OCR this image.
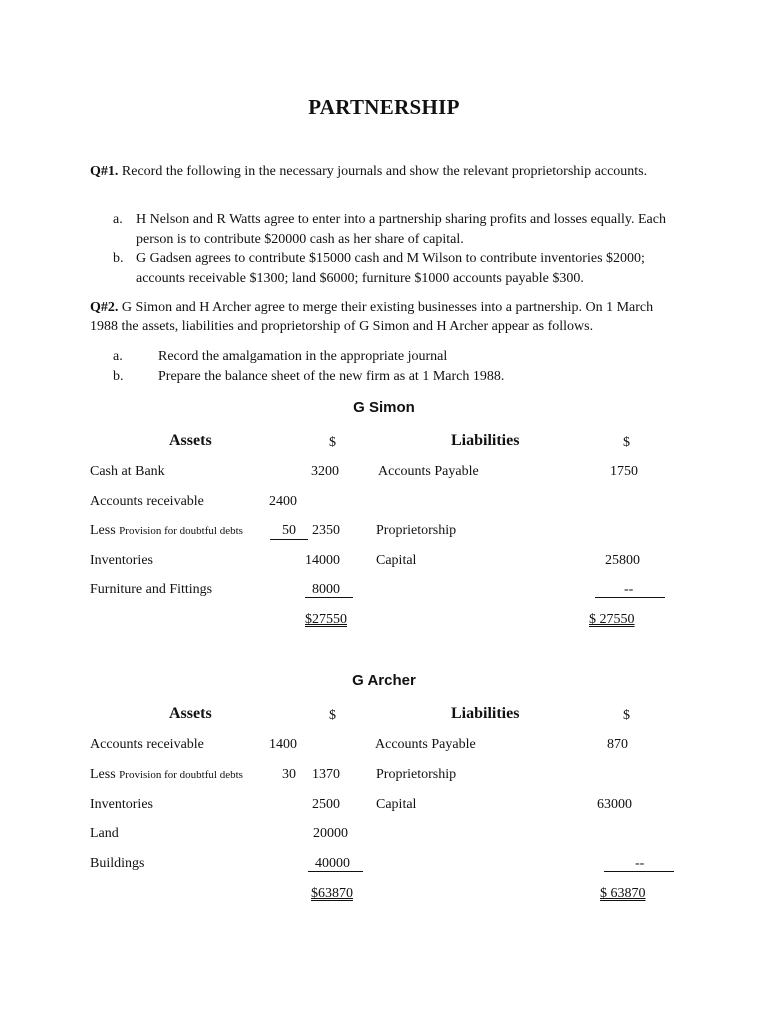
PARTNERSHIP

Q#1. Record the following in the necessary journals and show the relevant proprietorship accounts.

a. H Nelson and R Watts agree to enter into a partnership sharing profits and losses equally. Each person is to contribute $20000 cash as her share of capital.
b. G Gadsen agrees to contribute $15000 cash and M Wilson to contribute inventories $2000; accounts receivable $1300; land $6000; furniture $1000 accounts payable $300.

Q#2. G Simon and H Archer agree to merge their existing businesses into a partnership. On 1 March 1988 the assets, liabilities and proprietorship of G Simon and H Archer appear as follows.

a.	Record the amalgamation in the appropriate journal
b. Prepare the balance sheet of the new firm as at 1 March 1988.
G Simon
Assets	$	Liabilities	$
Cash at Bank	3200	Accounts Payable	1750
Accounts receivable	2400
Less Provision for doubtful debts	50 2350	Proprietorship
Inventories	14000	Capital	25800
Furniture and Fittings	8000	--
$27550	$ 27550
G Archer
Assets	$	Liabilities	$
Accounts receivable	1400	Accounts Payable	870
Less Provision for doubtful debts	30 1370	Proprietorship
Inventories	2500	Capital	63000
Land	20000
Buildings	40000	--
$63870	$ 63870
